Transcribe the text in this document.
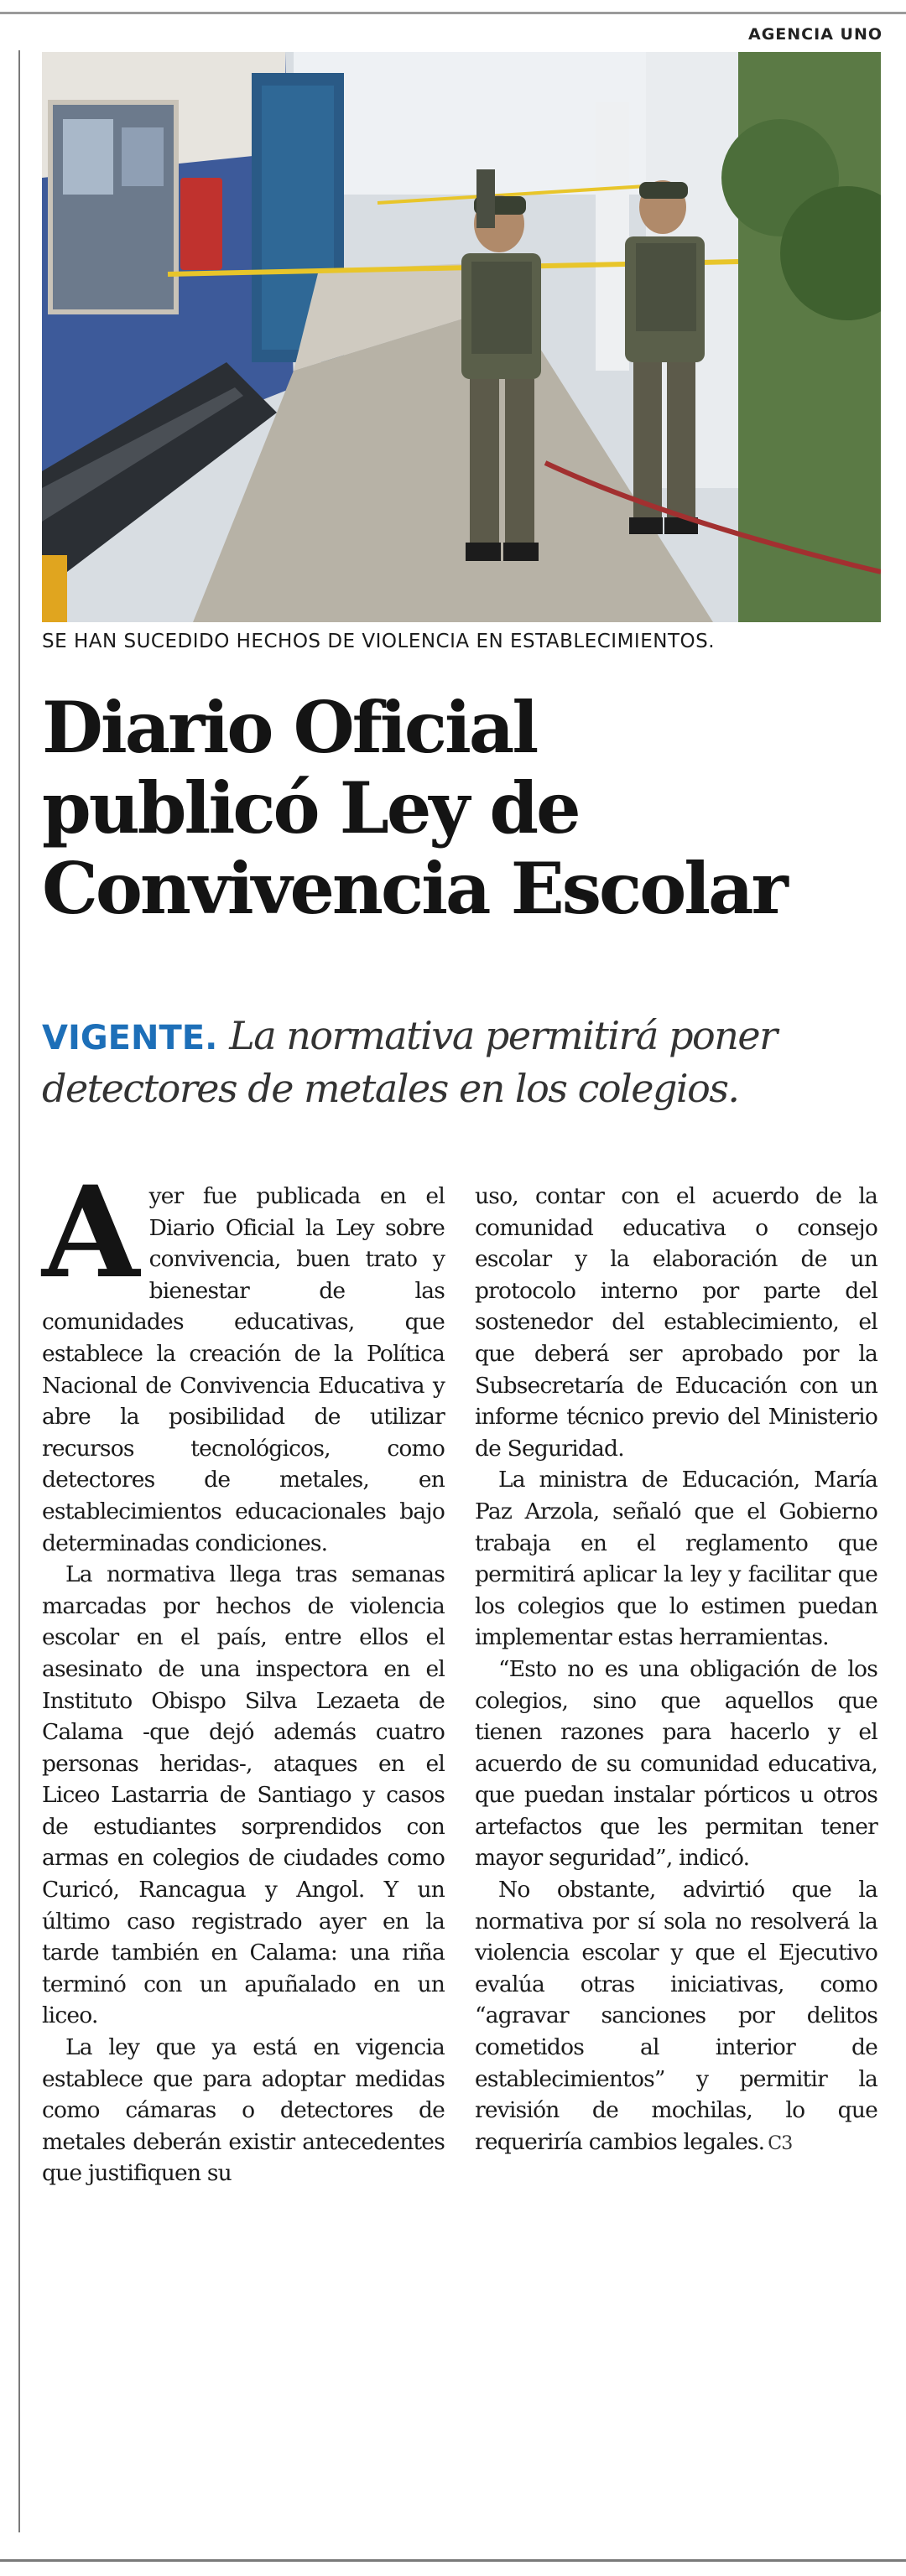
AGENCIA UNO
SE HAN SUCEDIDO HECHOS DE VIOLENCIA EN ESTABLECIMIENTOS.
Diario Oficial
publicó Ley de
Convivencia Escolar
VIGENTE. La normativa permitirá poner detectores de metales en los colegios.

Ayer fue publicada en el Diario Oficial la Ley sobre convivencia, buen trato y bienestar de las comunidades educativas, que establece la creación de la Política Nacional de Convivencia Educativa y abre la posibilidad de utilizar recursos tecnológicos, como detectores de metales, en establecimientos educacionales bajo determinadas condiciones.

La normativa llega tras semanas marcadas por hechos de violencia escolar en el país, entre ellos el asesinato de una inspectora en el Instituto Obispo Silva Lezaeta de Calama -que dejó además cuatro personas heridas-, ataques en el Liceo Lastarria de Santiago y casos de estudiantes sorprendidos con armas en colegios de ciudades como Curicó, Rancagua y Angol. Y un último caso registrado ayer en la tarde también en Calama: una riña terminó con un apuñalado en un liceo.

La ley que ya está en vigencia establece que para adoptar medidas como cámaras o detectores de metales deberán existir antecedentes que justifiquen su

uso, contar con el acuerdo de la comunidad educativa o consejo escolar y la elaboración de un protocolo interno por parte del sostenedor del establecimiento, el que deberá ser aprobado por la Subsecretaría de Educación con un informe técnico previo del Ministerio de Seguridad.

La ministra de Educación, María Paz Arzola, señaló que el Gobierno trabaja en el reglamento que permitirá aplicar la ley y facilitar que los colegios que lo estimen puedan implementar estas herramientas.

“Esto no es una obligación de los colegios, sino que aquellos que tienen razones para hacerlo y el acuerdo de su comunidad educativa, que puedan instalar pórticos u otros artefactos que les permitan tener mayor seguridad”, indicó.

No obstante, advirtió que la normativa por sí sola no resolverá la violencia escolar y que el Ejecutivo evalúa otras iniciativas, como “agravar sanciones por delitos cometidos al interior de establecimientos” y permitir la revisión de mochilas, lo que requeriría cambios legales. C3
